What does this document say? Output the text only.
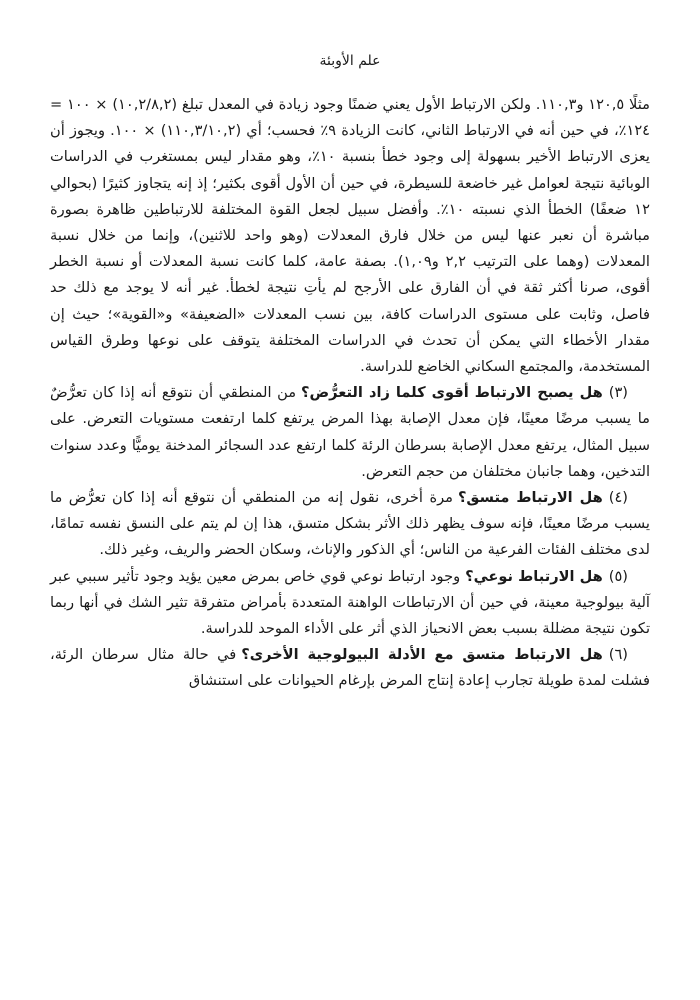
علم الأوبئة

مثلًا ١٢٠,٥ و١١٠,٣. ولكن الارتباط الأول يعني ضمنًا وجود زيادة في المعدل تبلغ (١٠,٢/٨,٢) × ١٠٠ = ١٢٤٪، في حين أنه في الارتباط الثاني، كانت الزيادة ٩٪ فحسب؛ أي (١١٠,٣/١٠,٢) × ١٠٠. ويجوز أن يعزى الارتباط الأخير بسهولة إلى وجود خطأ بنسبة ١٠٪، وهو مقدار ليس بمستغرب في الدراسات الوبائية نتيجة لعوامل غير خاضعة للسيطرة، في حين أن الأول أقوى بكثير؛ إذ إنه يتجاوز كثيرًا (بحوالي ١٢ ضعفًا) الخطأ الذي نسبته ١٠٪. وأفضل سبيل لجعل القوة المختلفة للارتباطين ظاهرة بصورة مباشرة أن نعبر عنها ليس من خلال فارق المعدلات (وهو واحد للاثنين)، وإنما من خلال نسبة المعدلات (وهما على الترتيب ٢,٢ و١,٠٩). بصفة عامة، كلما كانت نسبة المعدلات أو نسبة الخطر أقوى، صرنا أكثر ثقة في أن الفارق على الأرجح لم يأتِ نتيجة لخطأ. غير أنه لا يوجد مع ذلك حد فاصل، وثابت على مستوى الدراسات كافة، بين نسب المعدلات «الضعيفة» و«القوية»؛ حيث إن مقدار الأخطاء التي يمكن أن تحدث في الدراسات المختلفة يتوقف على نوعها وطرق القياس المستخدمة، والمجتمع السكاني الخاضع للدراسة.

(٣)هل يصبح الارتباط أقوى كلما زاد التعرُّض؟من المنطقي أن نتوقع أنه إذا كان تعرُّضٌ ما يسبب مرضًا معينًا، فإن معدل الإصابة بهذا المرض يرتفع كلما ارتفعت مستويات التعرض. على سبيل المثال، يرتفع معدل الإصابة بسرطان الرئة كلما ارتفع عدد السجائر المدخنة يوميًّا وعدد سنوات التدخين، وهما جانبان مختلفان من حجم التعرض.

(٤)هل الارتباط متسق؟مرة أخرى، نقول إنه من المنطقي أن نتوقع أنه إذا كان تعرُّض ما يسبب مرضًا معينًا، فإنه سوف يظهر ذلك الأثر بشكل متسق، هذا إن لم يتم على النسق نفسه تمامًا، لدى مختلف الفئات الفرعية من الناس؛ أي الذكور والإناث، وسكان الحضر والريف، وغير ذلك.

(٥)هل الارتباط نوعي؟وجود ارتباط نوعي قوي خاص بمرض معين يؤيد وجود تأثير سببي عبر آلية بيولوجية معينة، في حين أن الارتباطات الواهنة المتعددة بأمراض متفرقة تثير الشك في أنها ربما تكون نتيجة مضللة بسبب بعض الانحياز الذي أثر على الأداء الموحد للدراسة.

(٦)هل الارتباط متسق مع الأدلة البيولوجية الأخرى؟في حالة مثال سرطان الرئة، فشلت لمدة طويلة تجارب إعادة إنتاج المرض بإرغام الحيوانات على استنشاق
